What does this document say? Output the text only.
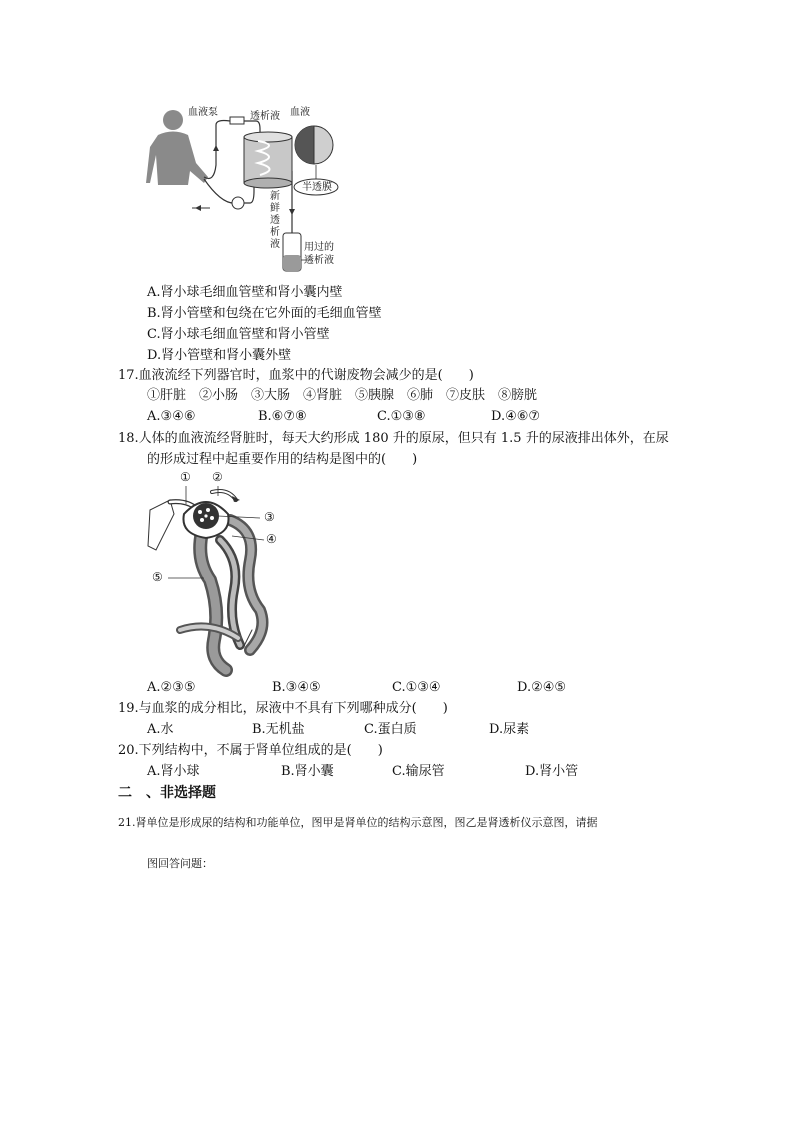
血液泵	透析液 血液
半透膜
新
鲜
透
析
液 用过的
透析液
A.肾小球毛细血管壁和肾小囊内壁
B.肾小管壁和包绕在它外面的毛细血管壁
C.肾小球毛细血管壁和肾小管壁
D.肾小管壁和肾小囊外壁
17.血液流经下列器官时，血浆中的代谢废物会减少的是(　　)
①肝脏　②小肠　③大肠　④肾脏　⑤胰腺　⑥肺　⑦皮肤　⑧膀胱
A.③④⑥	B.⑥⑦⑧	C.①③⑧	D.④⑥⑦
18.人体的血液流经肾脏时，每天大约形成 180 升的原尿，但只有 1.5 升的尿液排出体外，在尿
的形成过程中起重要作用的结构是图中的(　　)
① ②
③
④
⑤
A.②③⑤	B.③④⑤	C.①③④	D.②④⑤
19.与血浆的成分相比，尿液中不具有下列哪种成分(　　)
A.水	B.无机盐	C.蛋白质	D.尿素
20.下列结构中，不属于肾单位组成的是(　　)
A.肾小球	B.肾小囊	C.输尿管	D.肾小管
二　、非选择题
21.肾单位是形成尿的结构和功能单位，图甲是肾单位的结构示意图，图乙是肾透析仪示意图，请据
图回答问题：
